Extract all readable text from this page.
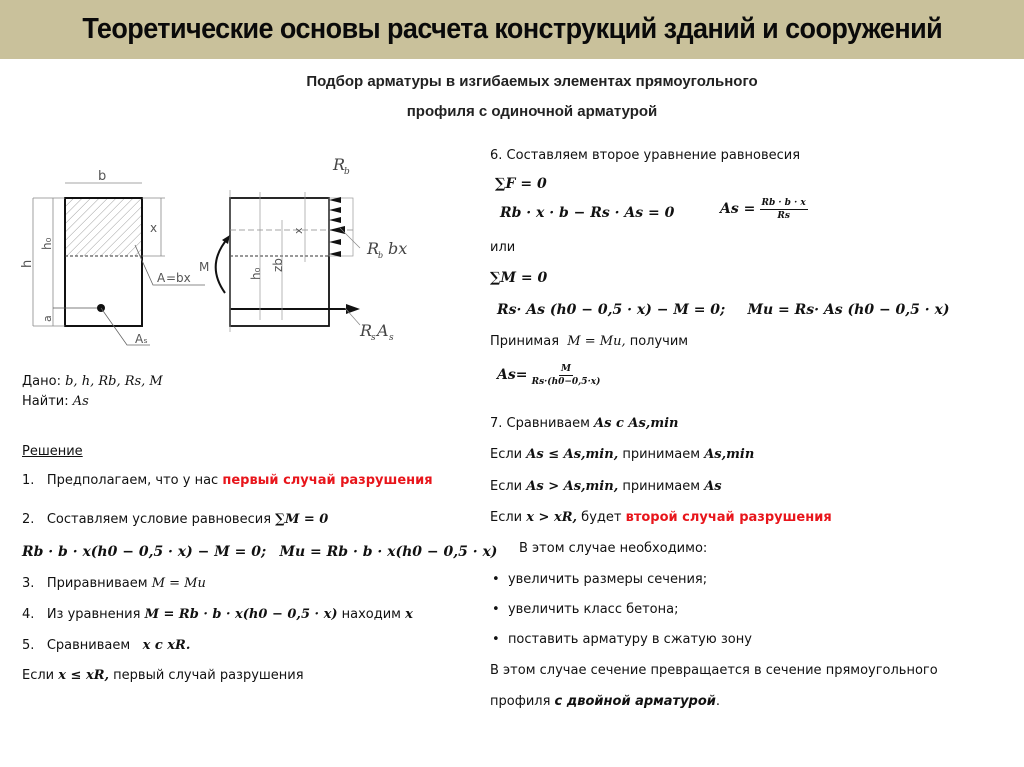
Теоретические основы расчета конструкций зданий и сооружений
Подбор арматуры в изгибаемых элементах прямоугольного
профиля с одиночной арматурой
b
x
h
h₀
a
A =bx
Aₛ
R
b
R
b bx
R
s A s
M
x
h₀
zb
Дано: b, h, Rb, Rs, M
Найти: As
Решение
1. Предполагаем, что у нас первый случай разрушения
2. Составляем условие равновесия ∑M = 0
Rb · b · x(h0 − 0,5 · x) − M = 0; Mu = Rb · b · x(h0 − 0,5 · x)
3. Приравниваем M = Mu
4. Из уравнения M = Rb · b · x(h0 − 0,5 · x) находим x
5. Сравниваем   x с xR.
Если x ≤ xR, первый случай разрушения
6. Составляем второе уравнение равновесия
∑F = 0
Rb · x · b − Rs · As = 0	$As = \frac{Rb \cdot b \cdot x}{Rs}$
или
∑M = 0
Rs· As (h0 − 0,5 · x) − M = 0; Mu = Rs· As (h0 − 0,5 · x)
Принимая  M = Mu, получим
$As= \frac{M}{Rs\cdot(h0-0,5\cdot x)}$
7. Сравниваем As с As,min
Если As ≤ As,min, принимаем As,min
Если As > As,min, принимаем As
Если x > xR, будет второй случай разрушения
В этом случае необходимо:
•  увеличить размеры сечения;
•  увеличить класс бетона;
•  поставить арматуру в сжатую зону
В этом случае сечение превращается в сечение прямоугольного
профиля с двойной арматурой.
